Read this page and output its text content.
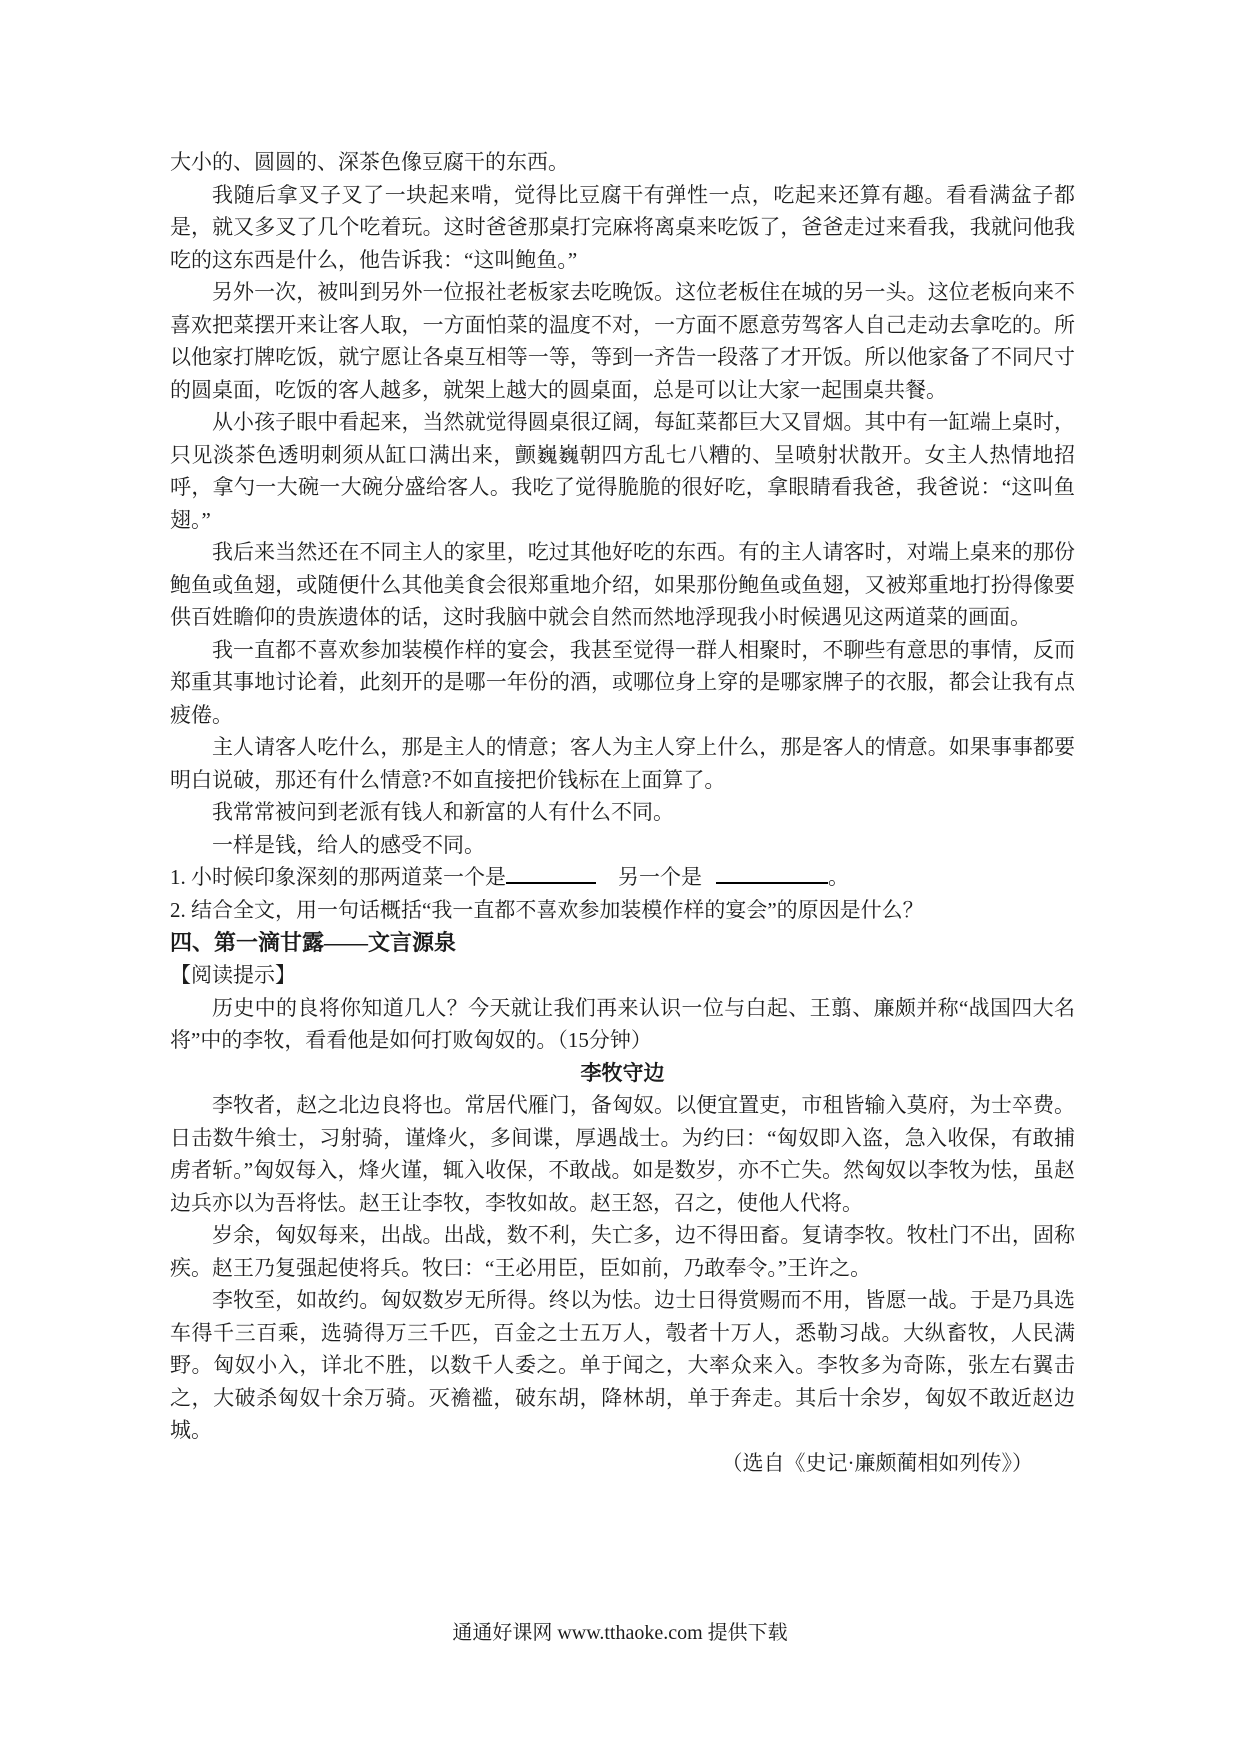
大小的、圆圆的、深茶色像豆腐干的东西。

我随后拿叉子叉了一块起来啃，觉得比豆腐干有弹性一点，吃起来还算有趣。看看满盆子都是，就又多叉了几个吃着玩。这时爸爸那桌打完麻将离桌来吃饭了，爸爸走过来看我，我就问他我吃的这东西是什么，他告诉我：“这叫鲍鱼。”

另外一次，被叫到另外一位报社老板家去吃晚饭。这位老板住在城的另一头。这位老板向来不喜欢把菜摆开来让客人取，一方面怕菜的温度不对，一方面不愿意劳驾客人自己走动去拿吃的。所以他家打牌吃饭，就宁愿让各桌互相等一等，等到一齐告一段落了才开饭。所以他家备了不同尺寸的圆桌面，吃饭的客人越多，就架上越大的圆桌面，总是可以让大家一起围桌共餐。

从小孩子眼中看起来，当然就觉得圆桌很辽阔，每缸菜都巨大又冒烟。其中有一缸端上桌时，只见淡茶色透明刺须从缸口满出来，颤巍巍朝四方乱七八糟的、呈喷射状散开。女主人热情地招呼，拿勺一大碗一大碗分盛给客人。我吃了觉得脆脆的很好吃，拿眼睛看我爸，我爸说：“这叫鱼翅。”

我后来当然还在不同主人的家里，吃过其他好吃的东西。有的主人请客时，对端上桌来的那份鲍鱼或鱼翅，或随便什么其他美食会很郑重地介绍，如果那份鲍鱼或鱼翅，又被郑重地打扮得像要供百姓瞻仰的贵族遗体的话，这时我脑中就会自然而然地浮现我小时候遇见这两道菜的画面。

我一直都不喜欢参加装模作样的宴会，我甚至觉得一群人相聚时，不聊些有意思的事情，反而郑重其事地讨论着，此刻开的是哪一年份的酒，或哪位身上穿的是哪家牌子的衣服，都会让我有点疲倦。

主人请客人吃什么，那是主人的情意；客人为主人穿上什么，那是客人的情意。如果事事都要明白说破，那还有什么情意?不如直接把价钱标在上面算了。

我常常被问到老派有钱人和新富的人有什么不同。

一样是钱，给人的感受不同。

1. 小时候印象深刻的那两道菜一个是	另一个是	。

2. 结合全文，用一句话概括“我一直都不喜欢参加装模作样的宴会”的原因是什么？

四、第一滴甘露——文言源泉

【阅读提示】

历史中的良将你知道几人？今天就让我们再来认识一位与白起、王翦、廉颇并称“战国四大名将”中的李牧，看看他是如何打败匈奴的。（15分钟）

李牧守边

李牧者，赵之北边良将也。常居代雁门，备匈奴。以便宜置吏，市租皆输入莫府，为士卒费。日击数牛飨士，习射骑，谨烽火，多间谍，厚遇战士。为约曰：“匈奴即入盗，急入收保，有敢捕虏者斩。”匈奴每入，烽火谨，辄入收保，不敢战。如是数岁，亦不亡失。然匈奴以李牧为怯，虽赵边兵亦以为吾将怯。赵王让李牧，李牧如故。赵王怒，召之，使他人代将。

岁余，匈奴每来，出战。出战，数不利，失亡多，边不得田畜。复请李牧。牧杜门不出，固称疾。赵王乃复强起使将兵。牧曰：“王必用臣，臣如前，乃敢奉令。”王许之。

李牧至，如故约。匈奴数岁无所得。终以为怯。边士日得赏赐而不用，皆愿一战。于是乃具选车得千三百乘，选骑得万三千匹，百金之士五万人，彀者十万人，悉勒习战。大纵畜牧，人民满野。匈奴小入，详北不胜，以数千人委之。单于闻之，大率众来入。李牧多为奇陈，张左右翼击之，大破杀匈奴十余万骑。灭襜褴，破东胡，降林胡，单于奔走。其后十余岁，匈奴不敢近赵边城。

（选自《史记·廉颇蔺相如列传》）

通通好课网 www.tthaoke.com 提供下载
